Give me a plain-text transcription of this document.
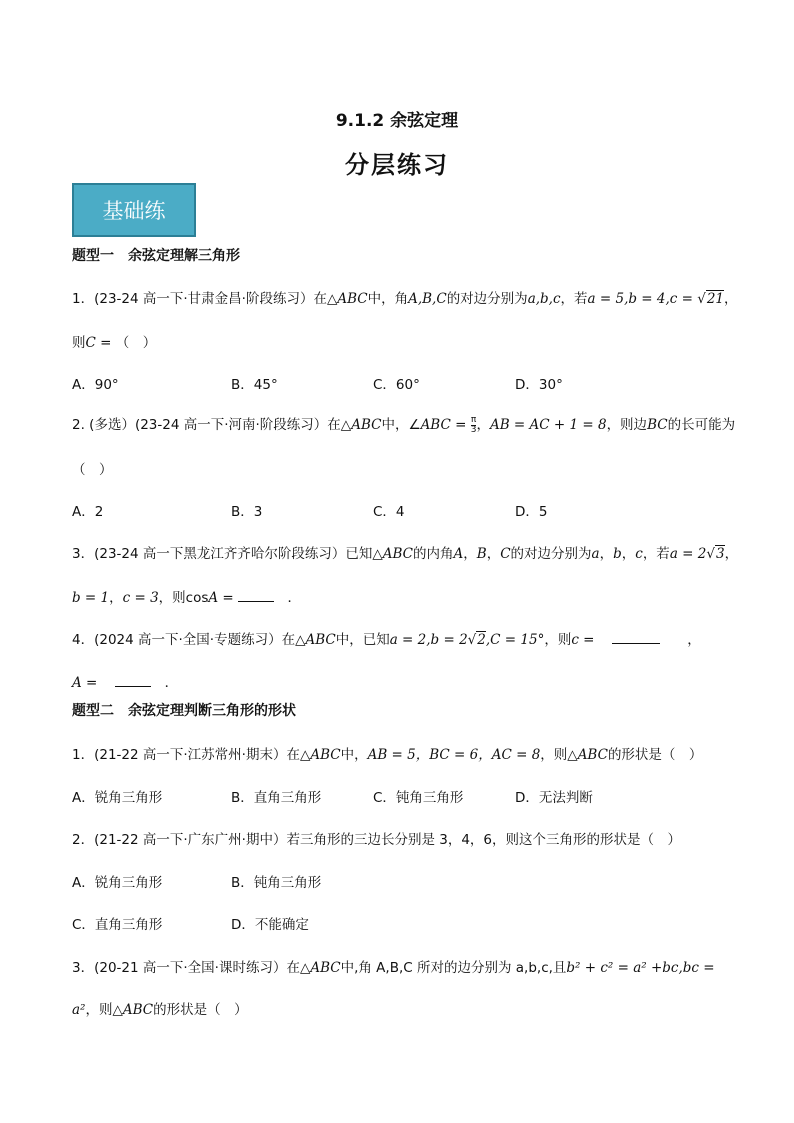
9.1.2 余弦定理
分层练习
基础练
题型一　余弦定理解三角形
1．(23-24 高一下·甘肃金昌·阶段练习）在△ABC中，角A,B,C的对边分别为a,b,c，若a = 5,b = 4,c = √21，
则C = （　）
A．90°	B．45°	C．60°	D．30°
2. (多选）(23-24 高一下·河南·阶段练习）在△ABC中，∠ABC = $\frac{\pi}{3}$ ，AB = AC + 1 = 8，则边BC的长可能为
（　）
A．2	B．3	C．4	D．5
3．(23-24 高一下黑龙江齐齐哈尔阶段练习）已知△ABC的内角A，B，C的对边分别为a，b，c，若a = 2√3，
b = 1，c = 3，则cosA = 　	．
4．(2024 高一下·全国·专题练习）在△ABC中，已知a = 2,b = 2√2,C = 15°，则c = 　　　	，
A = 　　	．
题型二　余弦定理判断三角形的形状
1．(21-22 高一下·江苏常州·期末）在△ABC中，AB = 5，BC = 6，AC = 8，则△ABC的形状是（　）
A．锐角三角形	B．直角三角形	C．钝角三角形	D．无法判断
2．(21-22 高一下·广东广州·期中）若三角形的三边长分别是 3，4，6，则这个三角形的形状是（　）
A．锐角三角形	B．钝角三角形
C．直角三角形	D．不能确定
3．(20-21 高一下·全国·课时练习）在△ABC中,角 A,B,C 所对的边分别为 a,b,c,且b² + c² = a² +bc,bc =
a²，则△ABC的形状是（　）
